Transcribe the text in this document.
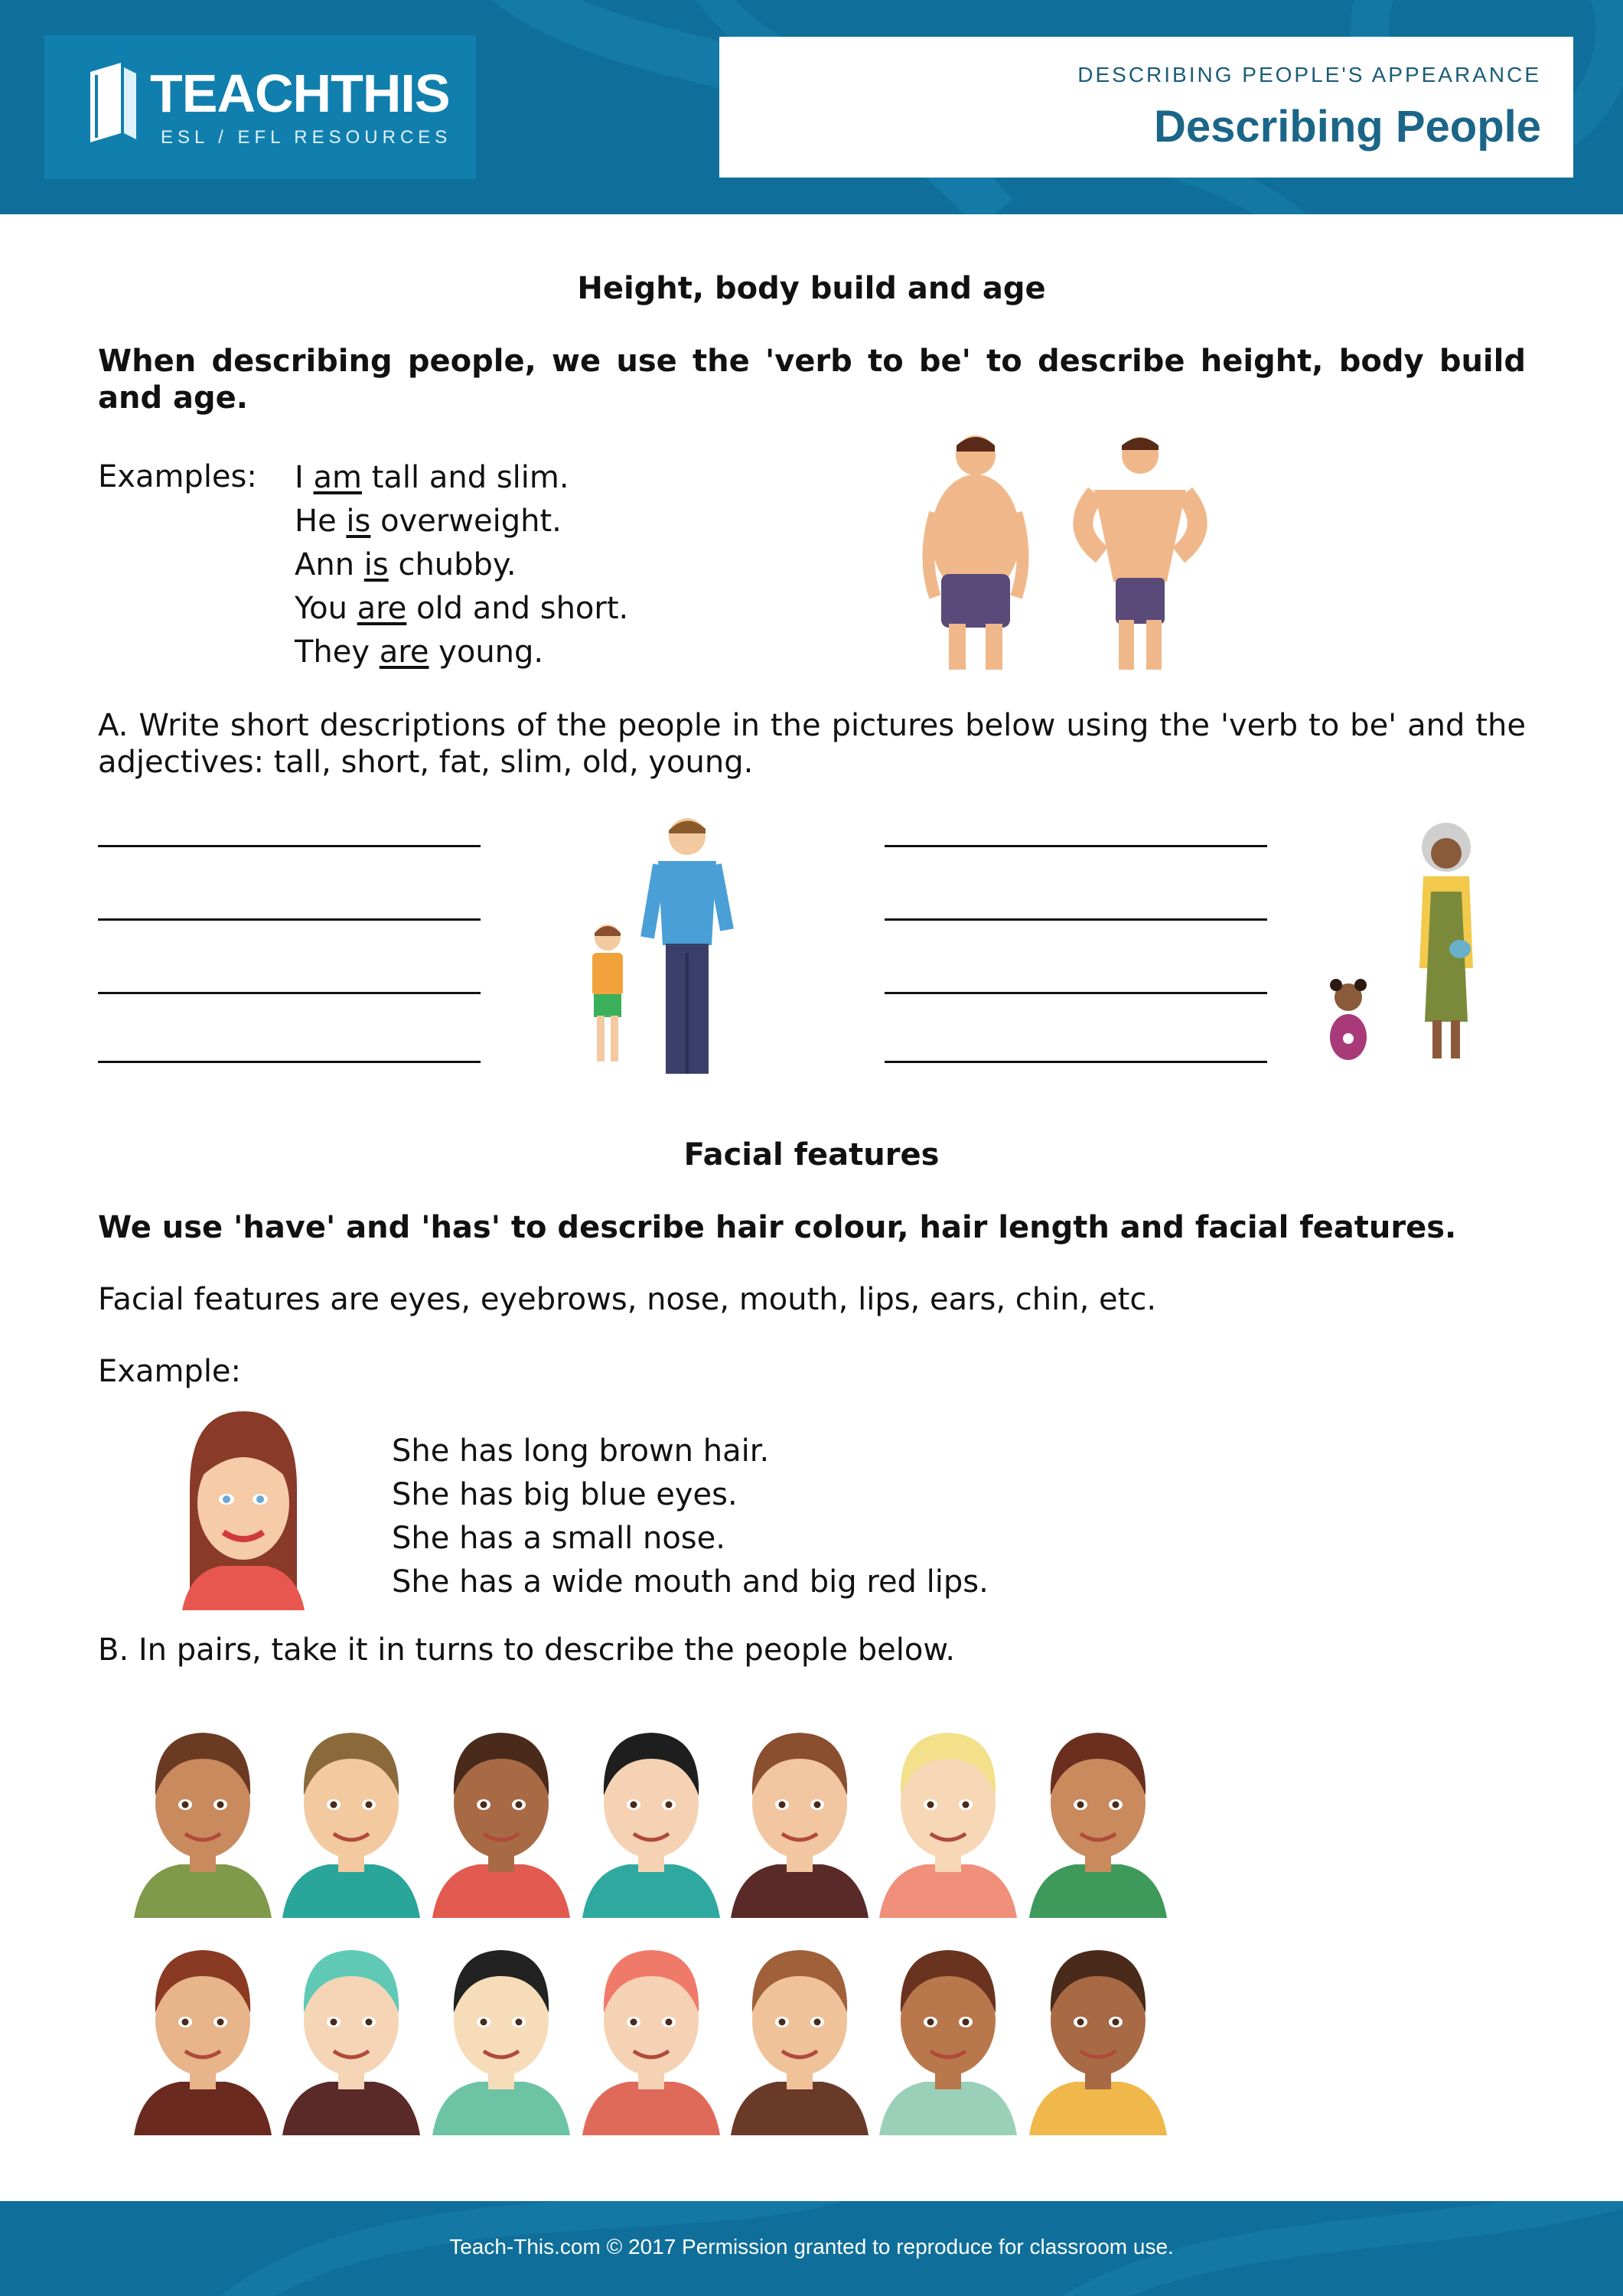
TEACHTHIS
ESL / EFL RESOURCES
DESCRIBING PEOPLE'S APPEARANCE
Describing People
Height, body build and age
When describing people, we use the 'verb to be' to describe height, body build and age.
Examples: I am tall and slim.
He is overweight.
Ann is chubby.
You are old and short.
They are young.
A. Write short descriptions of the people in the pictures below using the 'verb to be' and the adjectives: tall, short, fat, slim, old, young.
Facial features
We use 'have' and 'has' to describe hair colour, hair length and facial features.
Facial features are eyes, eyebrows, nose, mouth, lips, ears, chin, etc.
Example:
She has long brown hair.
She has big blue eyes.
She has a small nose.
She has a wide mouth and big red lips.
B. In pairs, take it in turns to describe the people below.
Teach-This.com © 2017 Permission granted to reproduce for classroom use.
